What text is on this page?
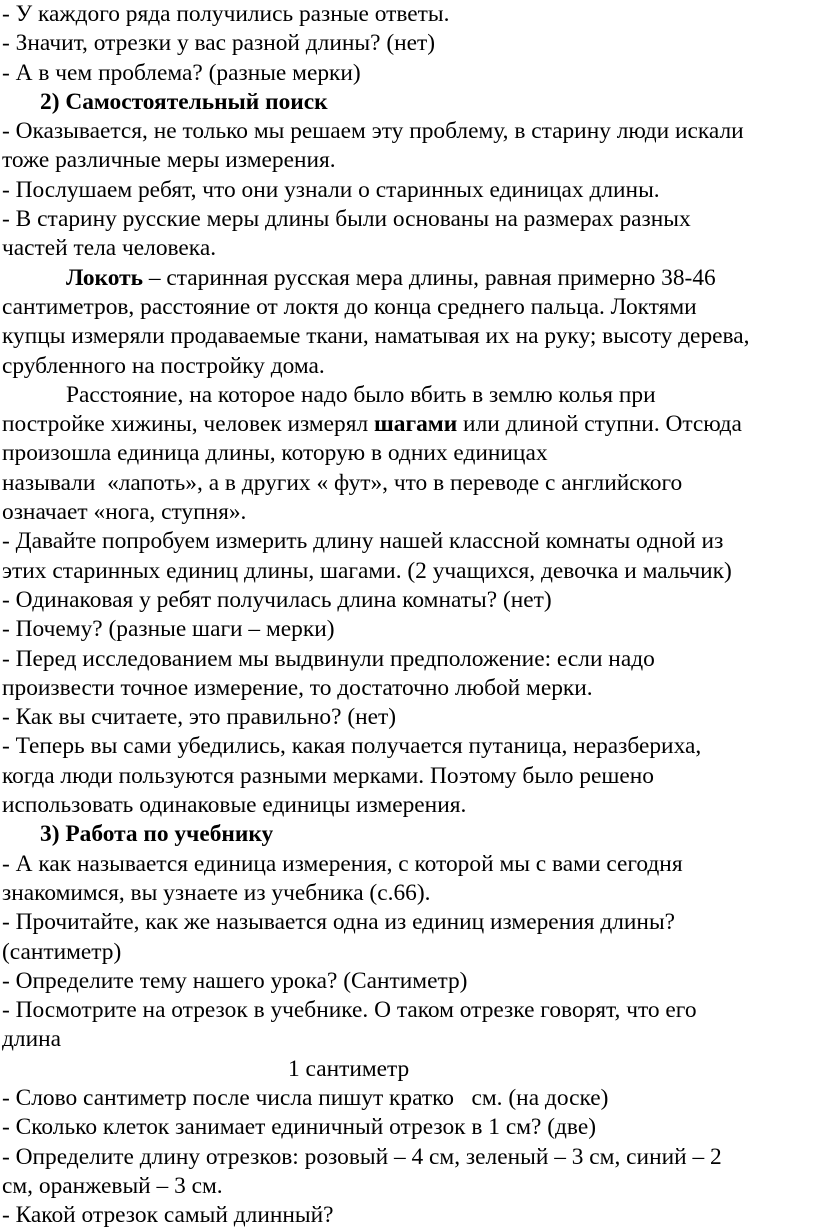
- У каждого ряда получились разные ответы.
- Значит, отрезки у вас разной длины? (нет)
- А в чем проблема? (разные мерки)
2) Самостоятельный поиск
- Оказывается, не только мы решаем эту проблему, в старину люди искали
тоже различные меры измерения.
- Послушаем ребят, что они узнали о старинных единицах длины.
- В старину русские меры длины были основаны на размерах разных
частей тела человека.
Локоть – старинная русская мера длины, равная примерно 38-46
сантиметров, расстояние от локтя до конца среднего пальца. Локтями
купцы измеряли продаваемые ткани, наматывая их на руку; высоту дерева,
срубленного на постройку дома.
Расстояние, на которое надо было вбить в землю колья при
постройке хижины, человек измерял шагами или длиной ступни. Отсюда
произошла единица длины, которую в одних единицах
называли  «лапоть», а в других « фут», что в переводе с английского
означает «нога, ступня».
- Давайте попробуем измерить длину нашей классной комнаты одной из
этих старинных единиц длины, шагами. (2 учащихся, девочка и мальчик)
- Одинаковая у ребят получилась длина комнаты? (нет)
- Почему? (разные шаги – мерки)
- Перед исследованием мы выдвинули предположение: если надо
произвести точное измерение, то достаточно любой мерки.
- Как вы считаете, это правильно? (нет)
- Теперь вы сами убедились, какая получается путаница, неразбериха,
когда люди пользуются разными мерками. Поэтому было решено
использовать одинаковые единицы измерения.
3) Работа по учебнику
- А как называется единица измерения, с которой мы с вами сегодня
знакомимся, вы узнаете из учебника (с.66).
- Прочитайте, как же называется одна из единиц измерения длины?
(сантиметр)
- Определите тему нашего урока? (Сантиметр)
- Посмотрите на отрезок в учебнике. О таком отрезке говорят, что его
длина
1 сантиметр
- Слово сантиметр после числа пишут кратко   см. (на доске)
- Сколько клеток занимает единичный отрезок в 1 см? (две)
- Определите длину отрезков: розовый – 4 см, зеленый – 3 см, синий – 2
см, оранжевый – 3 см.
- Какой отрезок самый длинный?
